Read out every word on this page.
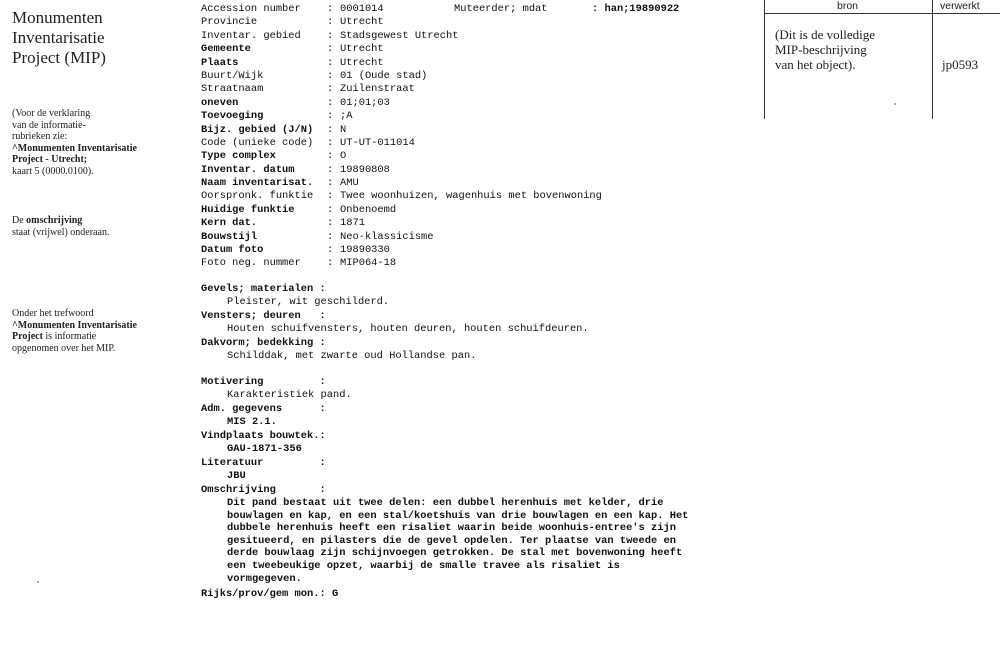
Monumenten
Inventarisatie
Project (MIP)
(Voor de verklaring
van de informatie-
rubrieken zie:
^Monumenten Inventarisatie
Project - Utrecht;
kaart 5 (0000.0100).
De omschrijving
staat (vrijwel) onderaan.
Onder het trefwoord
^Monumenten Inventarisatie
Project is informatie
opgenomen over het MIP.
Accession number	: 0001014	Muteerder; mdat	: han;19890922
Provincie	: Utrecht
Inventar. gebied	: Stadsgewest Utrecht
Gemeente	: Utrecht
Plaats	: Utrecht
Buurt/Wijk	: 01 (Oude stad)
Straatnaam	: Zuilenstraat
oneven	: 01;01;03
Toevoeging	: ;A
Bijz. gebied (J/N) : N
Code (unieke code) : UT-UT-011014
Type complex	: O
Inventar. datum	: 19890808
Naam inventarisat. : AMU
Oorspronk. funktie : Twee woonhuizen, wagenhuis met bovenwoning
Huidige funktie	: Onbenoemd
Kern dat.	: 1871
Bouwstijl	: Neo-klassicisme
Datum foto	: 19890330
Foto neg. nummer	: MIP064-18
Gevels; materialen :
Pleister, wit geschilderd.
Vensters; deuren   :
Houten schuifvensters, houten deuren, houten schuifdeuren.
Dakvorm; bedekking :
Schilddak, met zwarte oud Hollandse pan.
Motivering         :
Karakteristiek pand.
Adm. gegevens      :
MIS 2.1.
Vindplaats bouwtek.:
GAU-1871-356
Literatuur         :
JBU
Omschrijving       :
Dit pand bestaat uit twee delen: een dubbel herenhuis met kelder, drie
bouwlagen en kap, en een stal/koetshuis van drie bouwlagen en een kap. Het
dubbele herenhuis heeft een risaliet waarin beide woonhuis-entree's zijn
gesitueerd, en pilasters die de gevel opdelen. Ter plaatse van tweede en
derde bouwlaag zijn schijnvoegen getrokken. De stal met bovenwoning heeft
een tweebeukige opzet, waarbij de smalle travee als risaliet is
vormgegeven.
Rijks/prov/gem mon.: G
bron	verwerkt
(Dit is de volledige
MIP-beschrijving
van het object).	jp0593
